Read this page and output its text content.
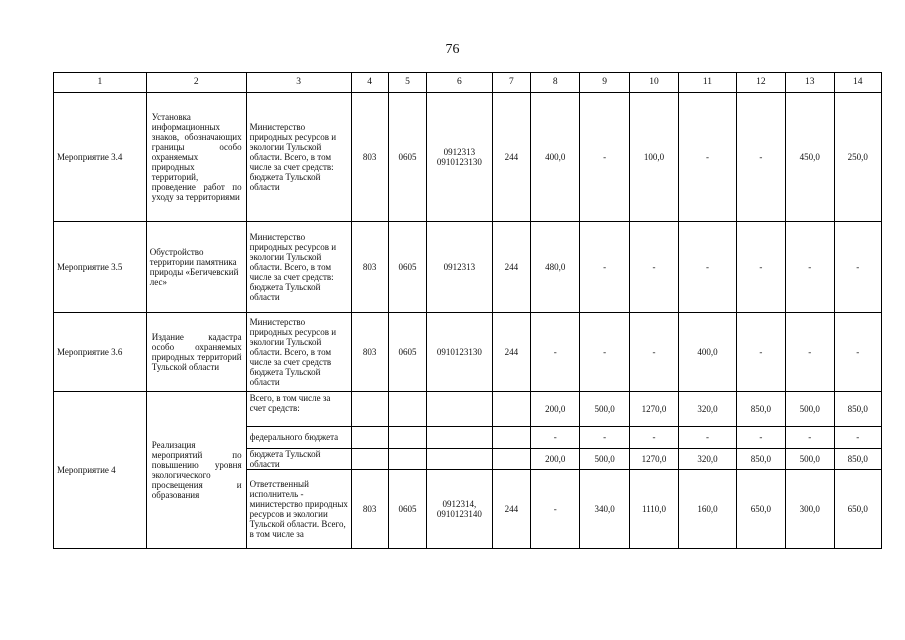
76
1	2	3	4	5	6	7	8	9	10	11	12	13	14
Мероприятие 3.4	Установка информационных знаков, обозначающих границы особо охраняемых природных территорий, проведение работ по уходу за территориями	Министерство природных ресурсов и экологии Тульской области. Всего, в том числе за счет средств: бюджета Тульской области	803	0605	0912313 0910123130	244	400,0	-	100,0	-	-	450,0	250,0
Мероприятие 3.5	Обустройство территории памятника природы «Бегичевский лес»	Министерство природных ресурсов и экологии Тульской области. Всего, в том числе за счет средств: бюджета Тульской области	803	0605	0912313	244	480,0	-	-	-	-	-	-
Мероприятие 3.6	Издание кадастра особо охраняемых природных территорий Тульской области	Министерство природных ресурсов и экологии Тульской области. Всего, в том числе за счет средств бюджета Тульской области	803	0605	0910123130	244	-	-	-	400,0	-	-	-
Мероприятие 4	Реализация мероприятий по повышению уровня экологического просвещения и образования	Всего, в том числе за счет средств:					200,0	500,0	1270,0	320,0	850,0	500,0	850,0
		федерального бюджета					-	-	-	-	-	-	-
		бюджета Тульской области					200,0	500,0	1270,0	320,0	850,0	500,0	850,0
		Ответственный исполнитель - министерство природных ресурсов и экологии Тульской области. Всего, в том числе за	803	0605	0912314, 0910123140	244	-	340,0	1110,0	160,0	650,0	300,0	650,0
